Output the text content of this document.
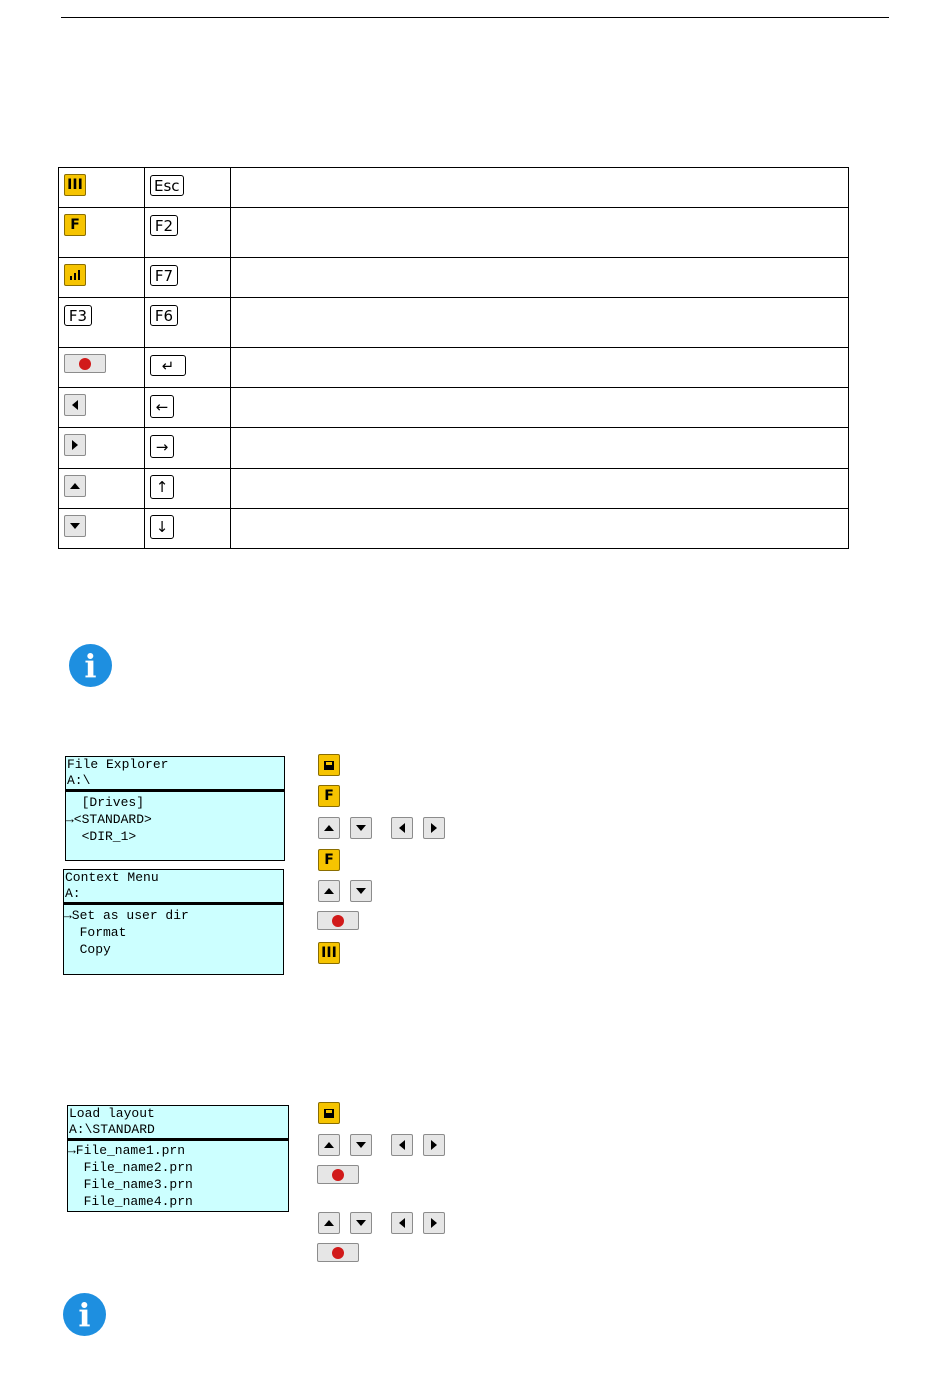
III	Esc	

F	F2	

	F7	

F3	F6	

	↵	

	←	

	→	

	↑	

	↓	

i
File Explorer
A:\
[Drives]
→<STANDARD>
<DIR_1>
Context Menu
A:
→Set as user dir
Format
Copy
F
F
III
Load layout
A:\STANDARD
→File_name1.prn
File_name2.prn
File_name3.prn
File_name4.prn
i
